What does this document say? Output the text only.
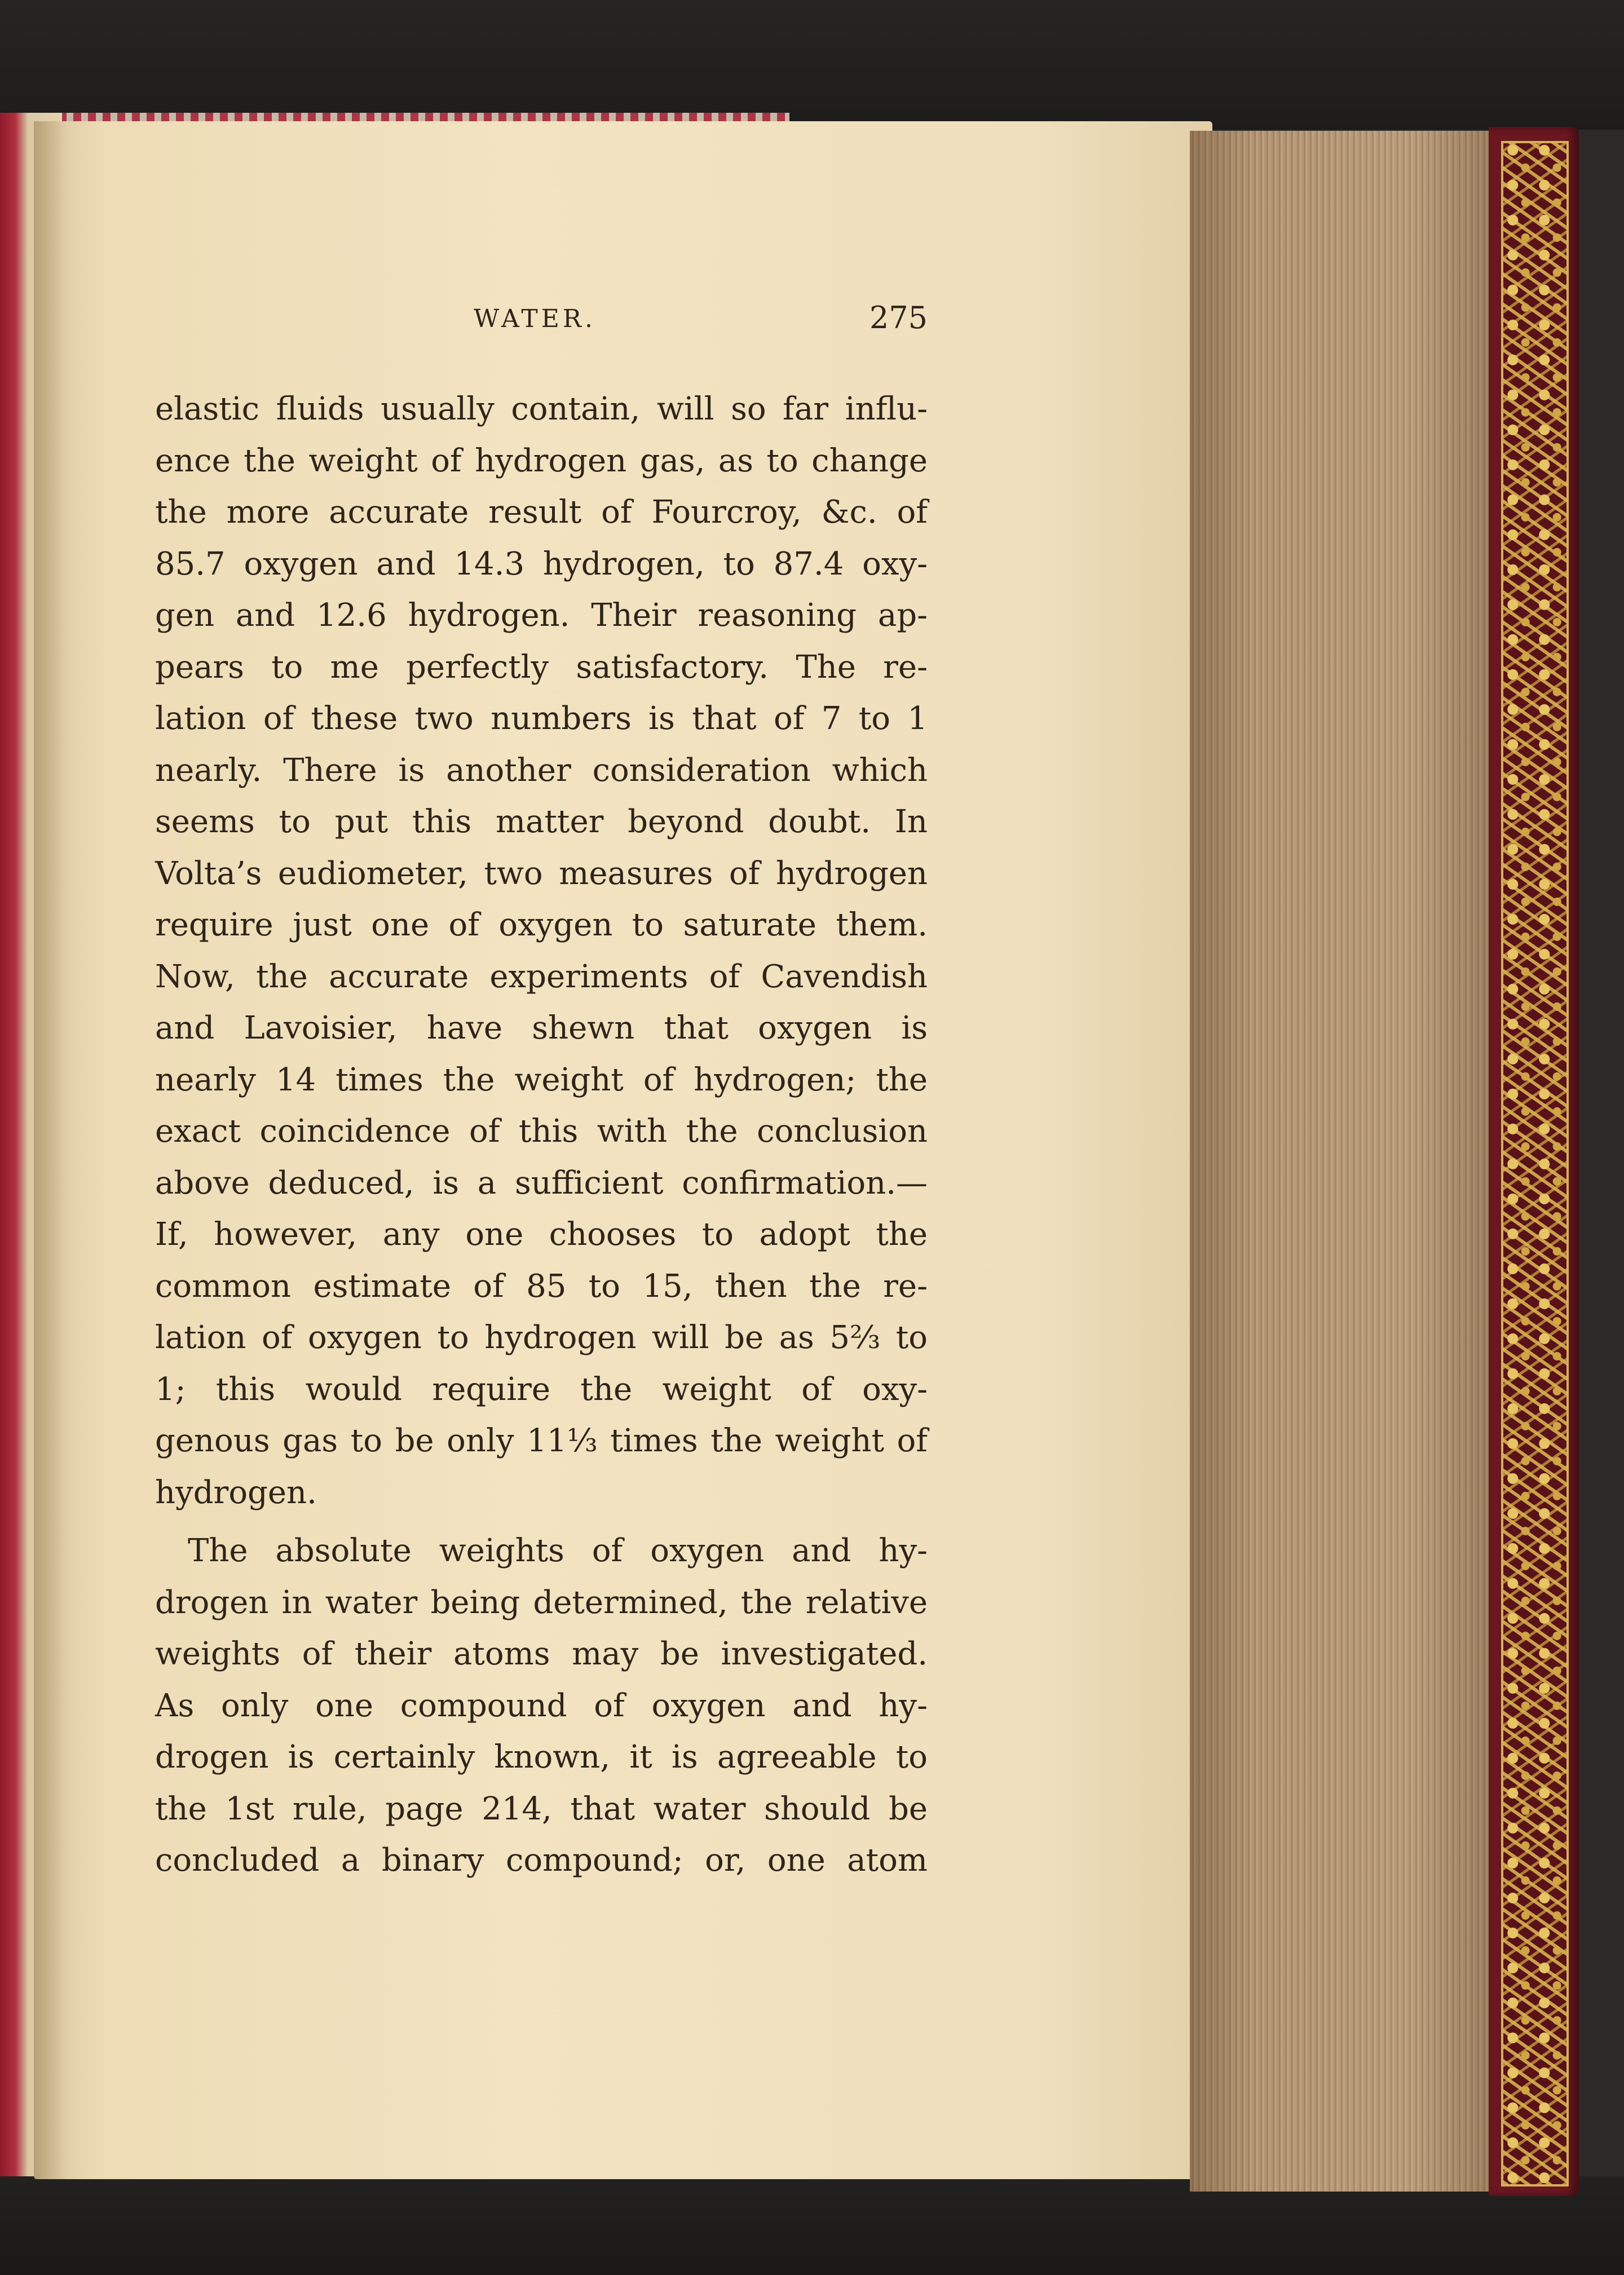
WATER.	275
elastic fluids usually contain, will so far influ-
ence the weight of hydrogen gas, as to change
the more accurate result of Fourcroy, &c. of
85.7 oxygen and 14.3 hydrogen, to 87.4 oxy-
gen and 12.6 hydrogen. Their reasoning ap-
pears to me perfectly satisfactory. The re-
lation of these two numbers is that of 7 to 1
nearly. There is another consideration which
seems to put this matter beyond doubt. In
Volta’s eudiometer, two measures of hydrogen
require just one of oxygen to saturate them.
Now, the accurate experiments of Cavendish
and Lavoisier, have shewn that oxygen is
nearly 14 times the weight of hydrogen; the
exact coincidence of this with the conclusion
above deduced, is a sufficient confirmation.—
If, however, any one chooses to adopt the
common estimate of 85 to 15, then the re-
lation of oxygen to hydrogen will be as 5⅔ to
1; this would require the weight of oxy-
genous gas to be only 11⅓ times the weight of
hydrogen.
The absolute weights of oxygen and hy-
drogen in water being determined, the relative
weights of their atoms may be investigated.
As only one compound of oxygen and hy-
drogen is certainly known, it is agreeable to
the 1st rule, page 214, that water should be
concluded a binary compound; or, one atom
